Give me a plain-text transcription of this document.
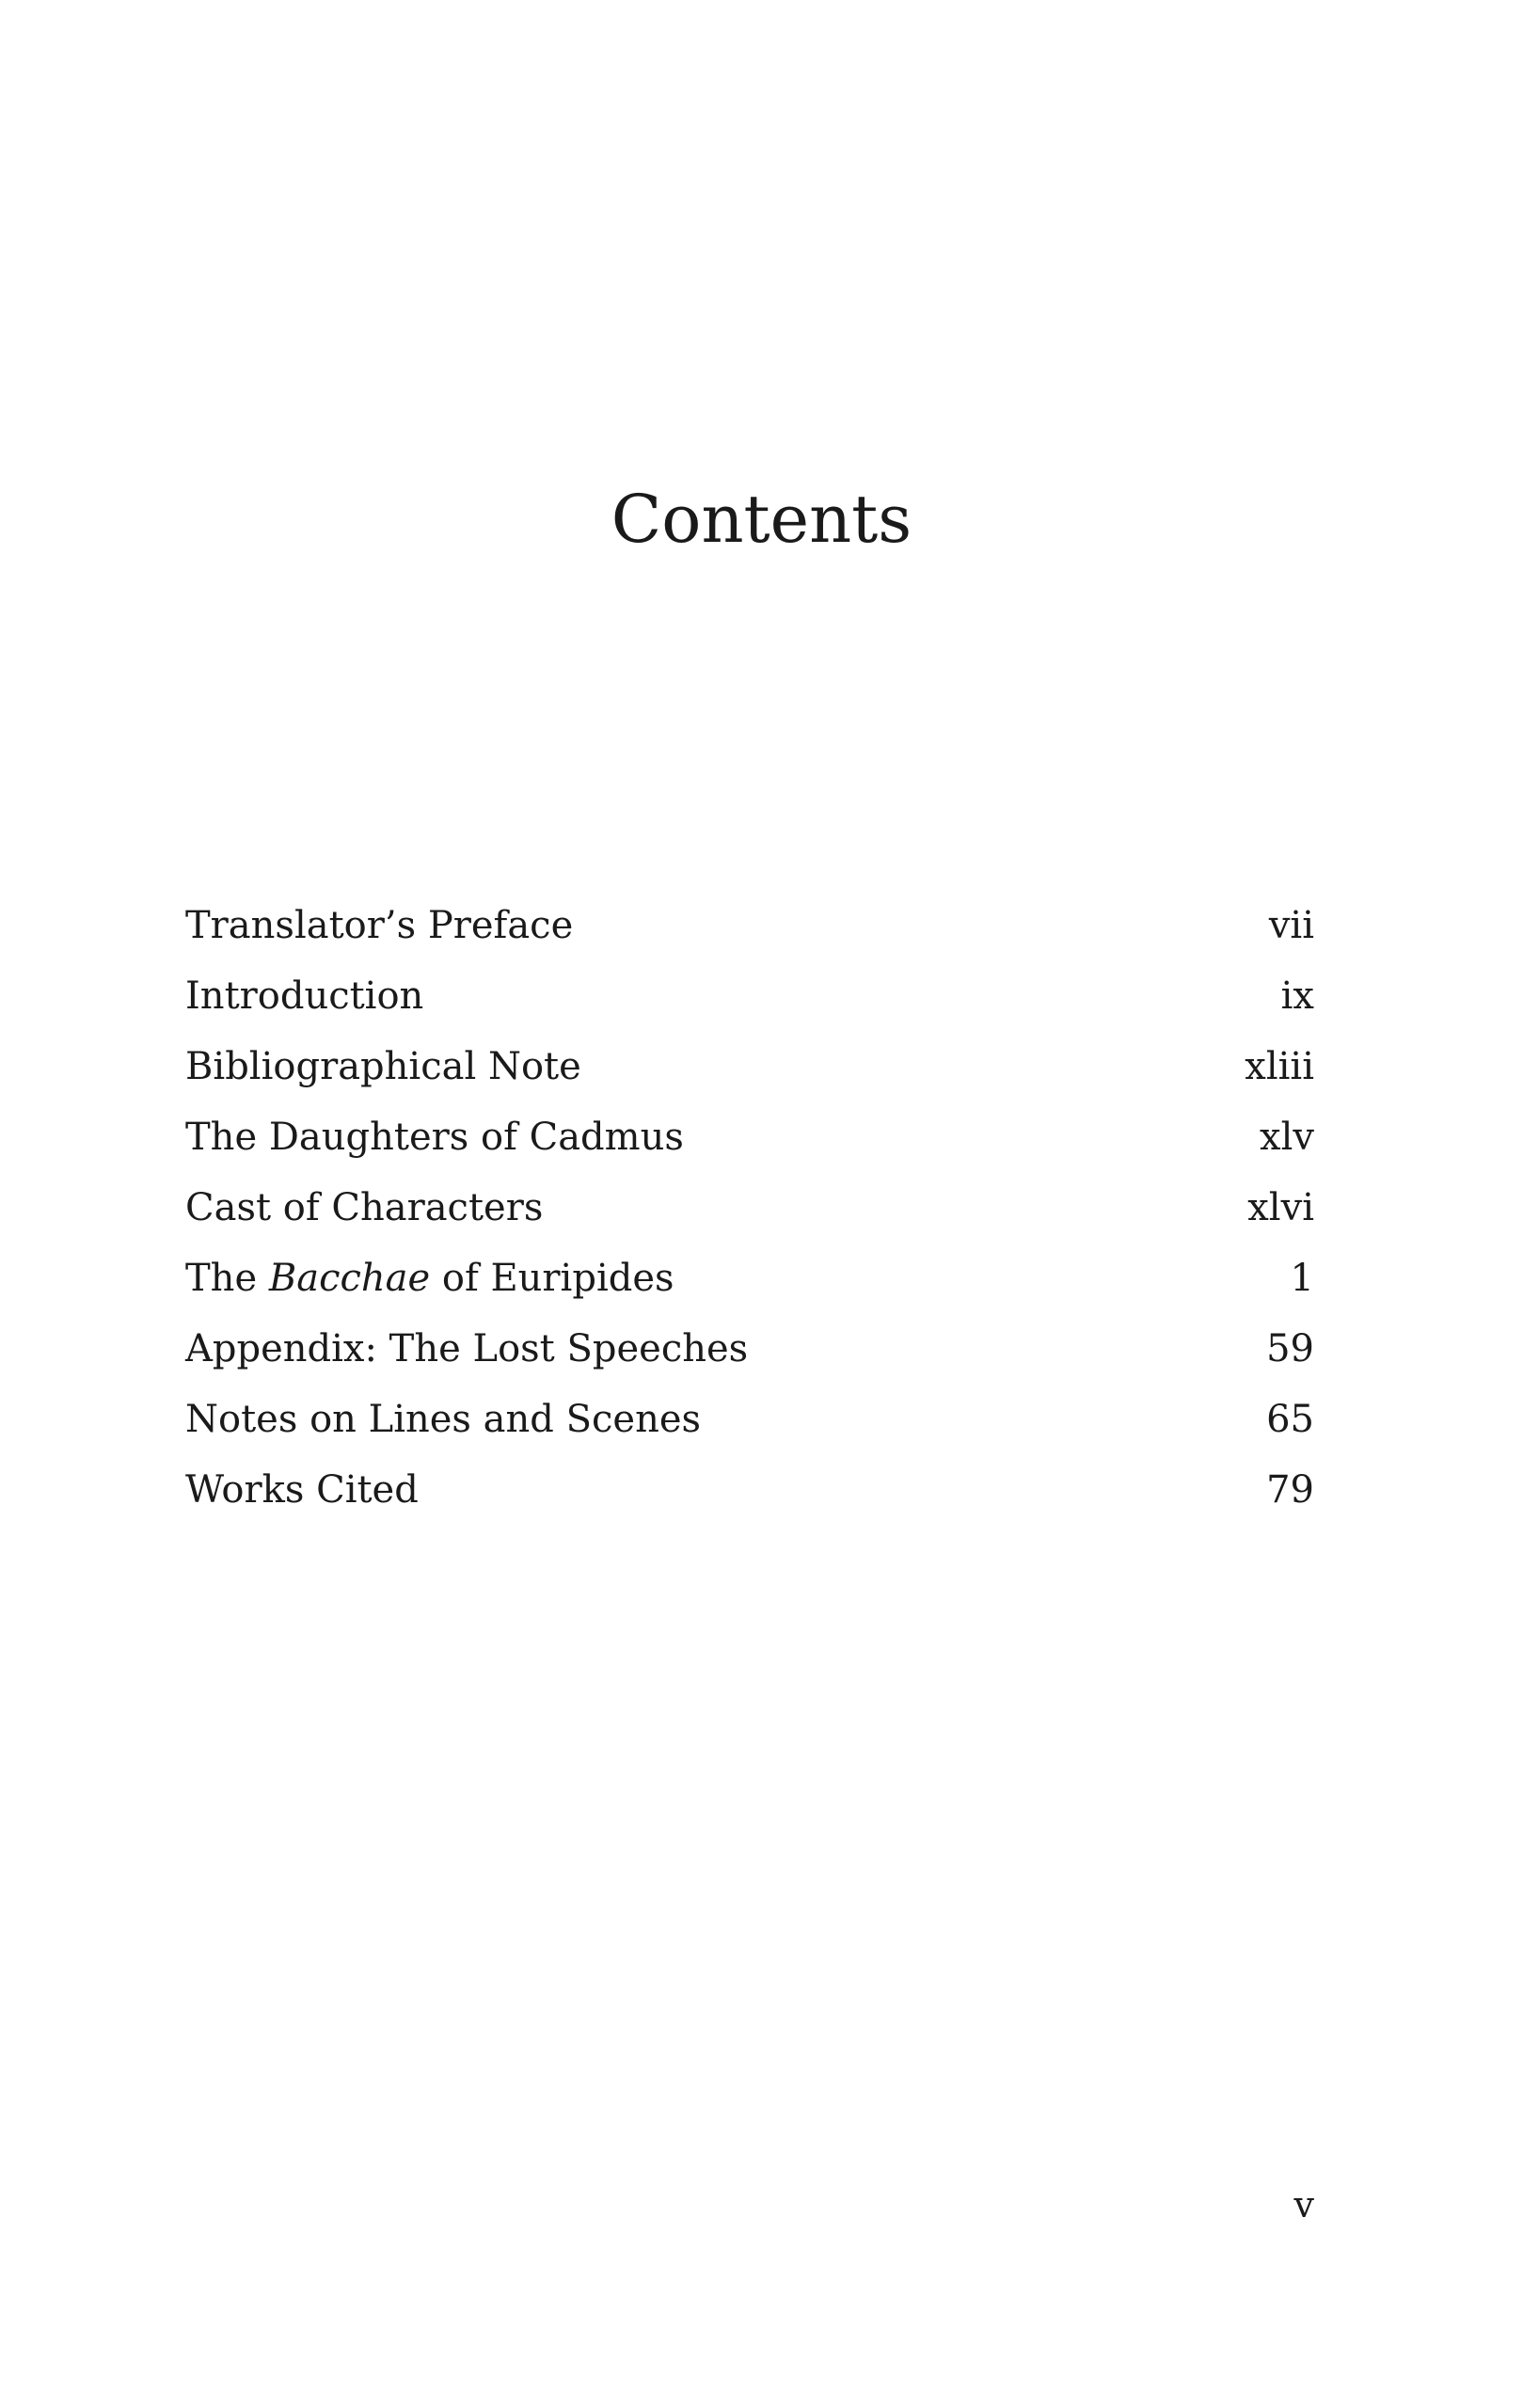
Contents
Translator’s Preface	vii
Introduction	ix
Bibliographical Note	xliii
The Daughters of Cadmus	xlv
Cast of Characters	xlvi
The Bacchae of Euripides	1
Appendix: The Lost Speeches	59
Notes on Lines and Scenes	65
Works Cited	79
v
